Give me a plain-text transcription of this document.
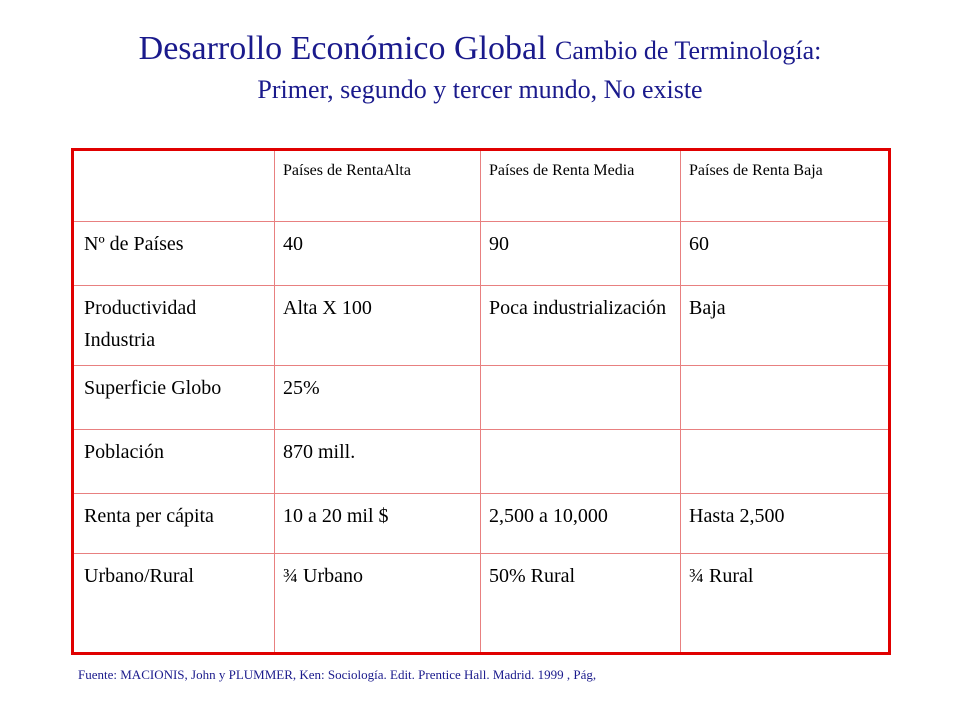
Desarrollo Económico Global Cambio de Terminología:
Primer, segundo y tercer mundo, No existe
	Países de RentaAlta	Países de Renta Media	Países de Renta Baja
Nº de Países	40	90	60
Productividad Industria	Alta X 100	Poca industrialización	Baja
Superficie Globo	25%		
Población	870 mill.		
Renta per cápita	10 a 20 mil $	2,500 a 10,000	Hasta 2,500
Urbano/Rural	¾ Urbano	50% Rural	¾ Rural
Fuente: MACIONIS, John y PLUMMER, Ken: Sociología. Edit. Prentice Hall. Madrid. 1999 , Pág,
